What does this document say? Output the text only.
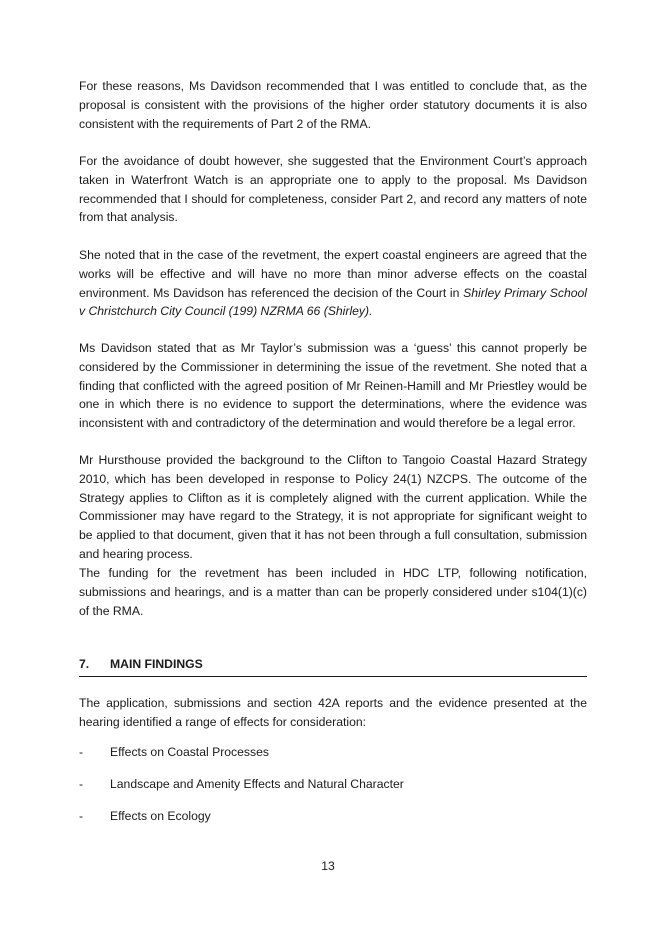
For these reasons, Ms Davidson recommended that I was entitled to conclude that, as the proposal is consistent with the provisions of the higher order statutory documents it is also consistent with the requirements of Part 2 of the RMA.

For the avoidance of doubt however, she suggested that the Environment Court’s approach taken in Waterfront Watch is an appropriate one to apply to the proposal. Ms Davidson recommended that I should for completeness, consider Part 2, and record any matters of note from that analysis.

She noted that in the case of the revetment, the expert coastal engineers are agreed that the works will be effective and will have no more than minor adverse effects on the coastal environment. Ms Davidson has referenced the decision of the Court in Shirley Primary School v Christchurch City Council (199) NZRMA 66 (Shirley).

Ms Davidson stated that as Mr Taylor’s submission was a ‘guess’ this cannot properly be considered by the Commissioner in determining the issue of the revetment. She noted that a finding that conflicted with the agreed position of Mr Reinen-Hamill and Mr Priestley would be one in which there is no evidence to support the determinations, where the evidence was inconsistent with and contradictory of the determination and would therefore be a legal error.

Mr Hursthouse provided the background to the Clifton to Tangoio Coastal Hazard Strategy 2010, which has been developed in response to Policy 24(1) NZCPS. The outcome of the Strategy applies to Clifton as it is completely aligned with the current application. While the Commissioner may have regard to the Strategy, it is not appropriate for significant weight to be applied to that document, given that it has not been through a full consultation, submission and hearing process.

The funding for the revetment has been included in HDC LTP, following notification, submissions and hearings, and is a matter than can be properly considered under s104(1)(c) of the RMA.

7. MAIN FINDINGS

The application, submissions and section 42A reports and the evidence presented at the hearing identified a range of effects for consideration:

-	Effects on Coastal Processes
-	Landscape and Amenity Effects and Natural Character
-	Effects on Ecology
13
